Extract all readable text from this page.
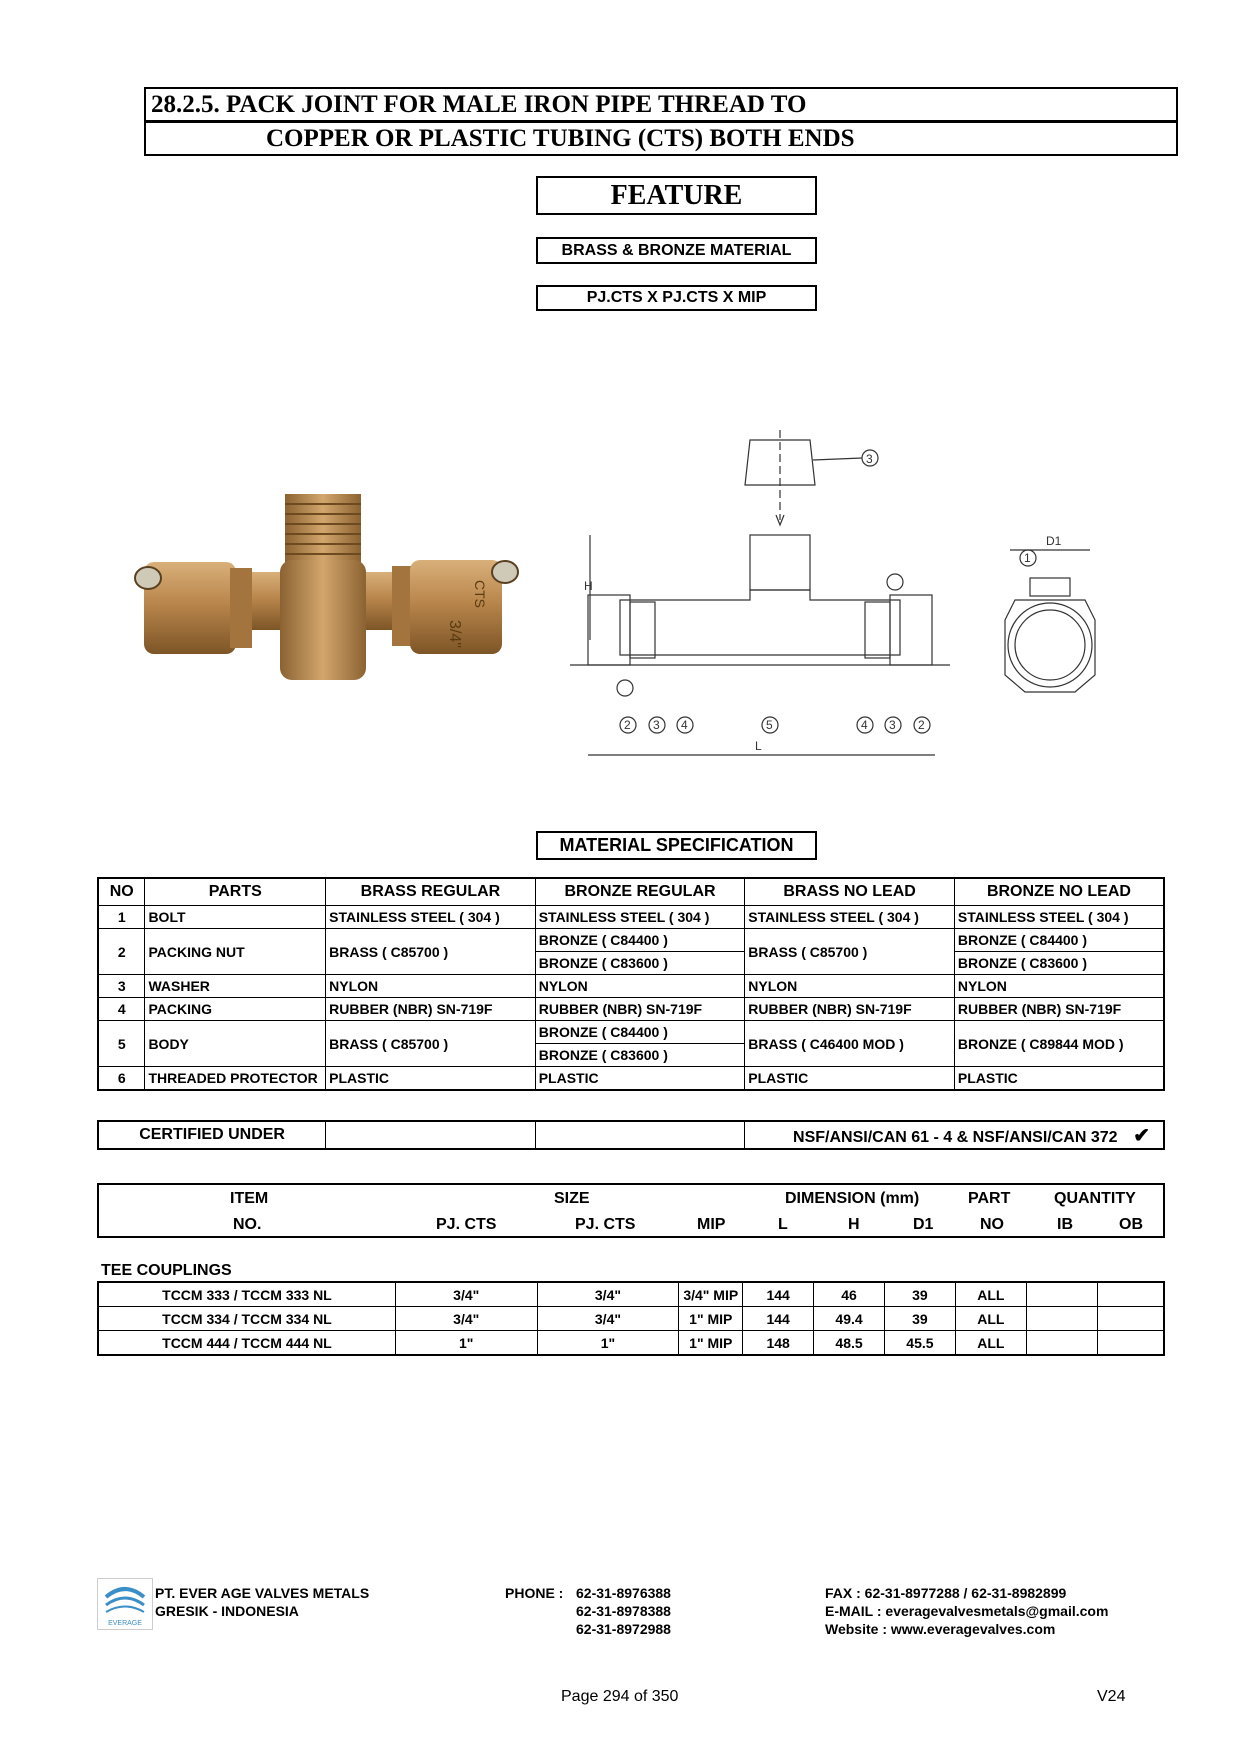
28.2.5. PACK JOINT FOR MALE IRON PIPE THREAD TO
COPPER OR PLASTIC TUBING (CTS) BOTH ENDS
FEATURE
BRASS & BRONZE MATERIAL
PJ.CTS X PJ.CTS X MIP
3/4"
CTS
3
H
L
D1
2 3 4	5	4 3 2
1
MATERIAL SPECIFICATION
NO	PARTS	BRASS REGULAR	BRONZE REGULAR	BRASS NO LEAD	BRONZE NO LEAD
1	BOLT	STAINLESS STEEL ( 304 )	STAINLESS STEEL ( 304 )	STAINLESS STEEL ( 304 )	STAINLESS STEEL ( 304 )
2	PACKING NUT	BRASS ( C85700 )	BRONZE ( C84400 )	BRASS ( C85700 )	BRONZE ( C84400 )
			BRONZE ( C83600 )		BRONZE ( C83600 )
3	WASHER	NYLON	NYLON	NYLON	NYLON
4	PACKING	RUBBER (NBR) SN-719F	RUBBER (NBR) SN-719F	RUBBER (NBR) SN-719F	RUBBER (NBR) SN-719F
5	BODY	BRASS ( C85700 )	BRONZE ( C84400 )	BRASS ( C46400 MOD )	BRONZE ( C89844 MOD )
			BRONZE ( C83600 )		
6	THREADED PROTECTOR	PLASTIC	PLASTIC	PLASTIC	PLASTIC
CERTIFIED UNDER			NSF/ANSI/CAN 61 - 4 & NSF/ANSI/CAN 372 ✔
ITEM	SIZE	DIMENSION (mm)	PART	QUANTITY
NO.	PJ. CTS	PJ. CTS	MIP	L	H	D1	NO	IB	OB
TEE COUPLINGS
TCCM 333 / TCCM 333 NL	3/4"	3/4"	3/4" MIP	144	46	39	ALL		
TCCM 334 / TCCM 334 NL	3/4"	3/4"	1" MIP	144	49.4	39	ALL		
TCCM 444 / TCCM 444 NL	1"	1"	1" MIP	148	48.5	45.5	ALL		
EVERAGE
PT. EVER AGE VALVES METALS
GRESIK - INDONESIA
PHONE : 62-31-8976388
62-31-8978388
62-31-8972988
FAX : 62-31-8977288 / 62-31-8982899
E-MAIL : everagevalvesmetals@gmail.com
Website : www.everagevalves.com
Page 294 of 350	V24
